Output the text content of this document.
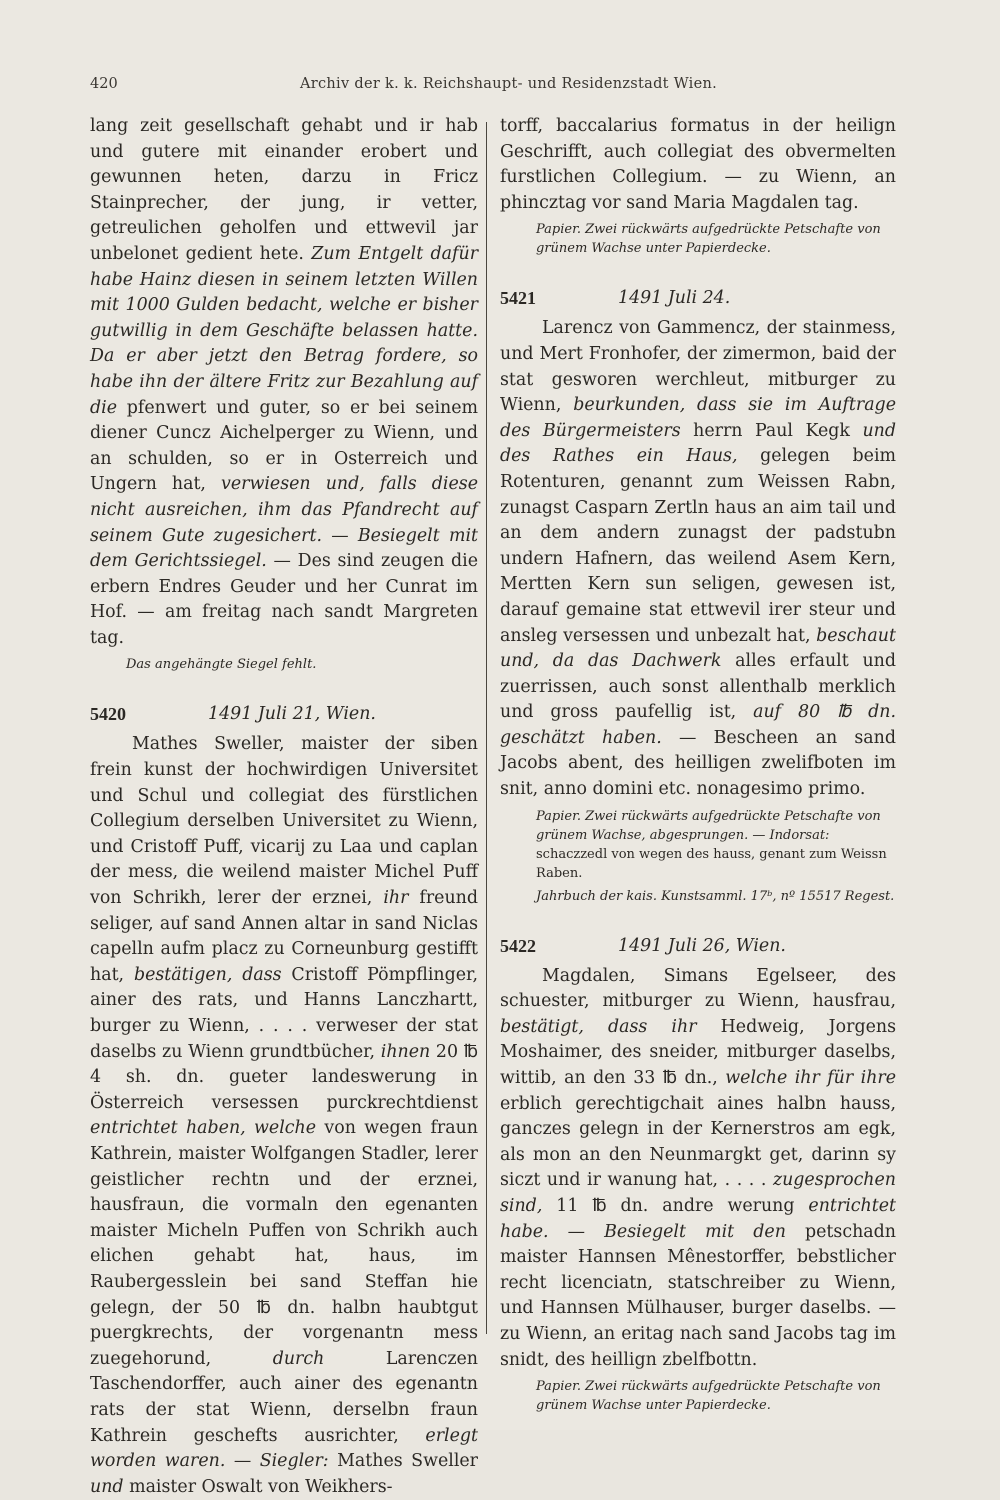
420	Archiv der k. k. Reichshaupt- und Residenzstadt Wien.

lang zeit gesellschaft gehabt und ir hab und gutere mit einander erobert und gewunnen heten, darzu in Fricz Stainprecher, der jung, ir vetter, getreulichen geholfen und ettwevil jar unbelonet gedient hete. Zum Entgelt dafür habe Hainz diesen in seinem letzten Willen mit 1000 Gulden bedacht, welche er bisher gutwillig in dem Geschäfte belassen hatte. Da er aber jetzt den Betrag fordere, so habe ihn der ältere Fritz zur Bezahlung auf die pfenwert und guter, so er bei seinem diener Cuncz Aichelperger zu Wienn, und an schulden, so er in Osterreich und Ungern hat, verwiesen und, falls diese nicht ausreichen, ihm das Pfandrecht auf seinem Gute zugesichert. — Besiegelt mit dem Gerichtssiegel. — Des sind zeugen die erbern Endres Geuder und her Cunrat im Hof. — am freitag nach sandt Margreten tag.

Das angehängte Siegel fehlt.

5420	1491 Juli 21, Wien.

Mathes Sweller, maister der siben frein kunst der hochwirdigen Universitet und Schul und collegiat des fürstlichen Collegium derselben Universitet zu Wienn, und Cristoff Puff, vicarij zu Laa und caplan der mess, die weilend maister Michel Puff von Schrikh, lerer der erznei, ihr freund seliger, auf sand Annen altar in sand Niclas capelln aufm placz zu Corneunburg gestifft hat, bestätigen, dass Cristoff Pömpflinger, ainer des rats, und Hanns Lanczhartt, burger zu Wienn, . . . . verweser der stat daselbs zu Wienn grundtbücher, ihnen 20 ℔ 4 sh. dn. gueter landeswerung in Österreich versessen purckrechtdienst entrichtet haben, welche von wegen fraun Kathrein, maister Wolfgangen Stadler, lerer geistlicher rechtn und der erznei, hausfraun, die vormaln den egenanten maister Micheln Puffen von Schrikh auch elichen gehabt hat, haus, im Raubergesslein bei sand Steffan hie gelegn, der 50 ℔ dn. halbn haubtgut puergkrechts, der vorgenantn mess zuegehorund, durch Larenczen Taschendorffer, auch ainer des egenantn rats der stat Wienn, derselbn fraun Kathrein geschefts ausrichter, erlegt worden waren. — Siegler: Mathes Sweller und maister Oswalt von Weikhers-

torff, baccalarius formatus in der heilign Geschrifft, auch collegiat des obvermelten furstlichen Collegium. — zu Wienn, an phincztag vor sand Maria Magdalen tag.

Papier. Zwei rückwärts aufgedrückte Petschafte von grünem Wachse unter Papierdecke.

5421	1491 Juli 24.

Larencz von Gammencz, der stainmess, und Mert Fronhofer, der zimermon, baid der stat gesworen werchleut, mitburger zu Wienn, beurkunden, dass sie im Auftrage des Bürgermeisters herrn Paul Kegk und des Rathes ein Haus, gelegen beim Rotenturen, genannt zum Weissen Rabn, zunagst Casparn Zertln haus an aim tail und an dem andern zunagst der padstubn undern Hafnern, das weilend Asem Kern, Mertten Kern sun seligen, gewesen ist, darauf gemaine stat ettwevil irer steur und ansleg versessen und unbezalt hat, beschaut und, da das Dachwerk alles erfault und zuerrissen, auch sonst allenthalb merklich und gross paufellig ist, auf 80 ℔ dn. geschätzt haben. — Bescheen an sand Jacobs abent, des heilligen zwelifboten im snit, anno domini etc. nonagesimo primo.

Papier. Zwei rückwärts aufgedrückte Petschafte von grünem Wachse, abgesprungen. — Indorsat: schaczzedl von wegen des hauss, genant zum Weissn Raben.

Jahrbuch der kais. Kunstsamml. 17ᵇ, nº 15517 Regest.

5422	1491 Juli 26, Wien.

Magdalen, Simans Egelseer, des schuester, mitburger zu Wienn, hausfrau, bestätigt, dass ihr Hedweig, Jorgens Moshaimer, des sneider, mitburger daselbs, wittib, an den 33 ℔ dn., welche ihr für ihre erblich gerechtigchait aines halbn hauss, ganczes gelegn in der Kernerstros am egk, als mon an den Neunmargkt get, darinn sy siczt und ir wanung hat, . . . . zugesprochen sind, 11 ℔ dn. andre werung entrichtet habe. — Besiegelt mit den petschadn maister Hannsen Mênestorffer, bebstlicher recht licenciatn, statschreiber zu Wienn, und Hannsen Mülhauser, burger daselbs. — zu Wienn, an eritag nach sand Jacobs tag im snidt, des heillign zbelfbottn.

Papier. Zwei rückwärts aufgedrückte Petschafte von grünem Wachse unter Papierdecke.
